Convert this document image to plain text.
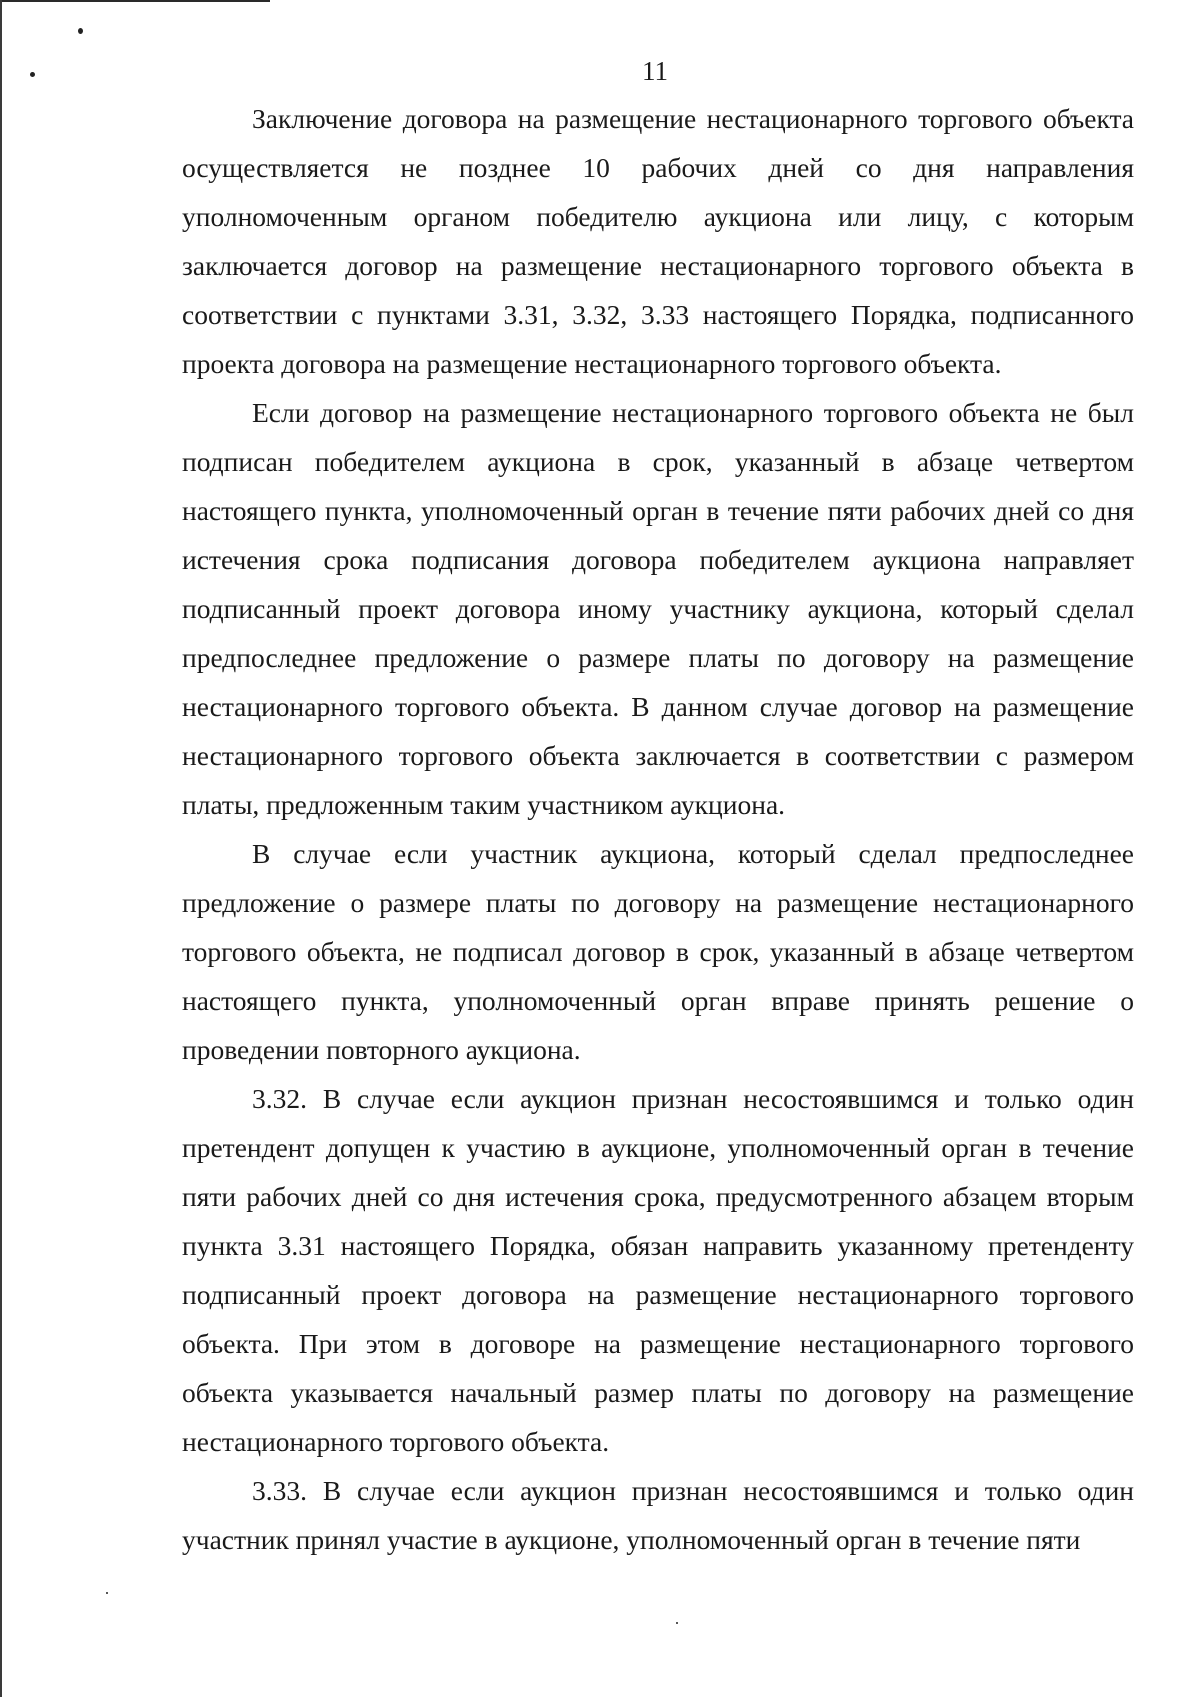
11

Заключение договора на размещение нестационарного торгового объекта осуществляется не позднее 10 рабочих дней со дня направления уполномоченным органом победителю аукциона или лицу, с которым заключается договор на размещение нестационарного торгового объекта в соответствии с пунктами 3.31, 3.32, 3.33 настоящего Порядка, подписанного проекта договора на размещение нестационарного торгового объекта.

Если договор на размещение нестационарного торгового объекта не был подписан победителем аукциона в срок, указанный в абзаце четвертом настоящего пункта, уполномоченный орган в течение пяти рабочих дней со дня истечения срока подписания договора победителем аукциона направляет подписанный проект договора иному участнику аукциона, который сделал предпоследнее предложение о размере платы по договору на размещение нестационарного торгового объекта. В данном случае договор на размещение нестационарного торгового объекта заключается в соответствии с размером платы, предложенным таким участником аукциона.

В случае если участник аукциона, который сделал предпоследнее предложение о размере платы по договору на размещение нестационарного торгового объекта, не подписал договор в срок, указанный в абзаце четвертом настоящего пункта, уполномоченный орган вправе принять решение о проведении повторного аукциона.

3.32. В случае если аукцион признан несостоявшимся и только один претендент допущен к участию в аукционе, уполномоченный орган в течение пяти рабочих дней со дня истечения срока, предусмотренного абзацем вторым пункта 3.31 настоящего Порядка, обязан направить указанному претенденту подписанный проект договора на размещение нестационарного торгового объекта. При этом в договоре на размещение нестационарного торгового объекта указывается начальный размер платы по договору на размещение нестационарного торгового объекта.

3.33. В случае если аукцион признан несостоявшимся и только один участник принял участие в аукционе, уполномоченный орган в течение пяти
